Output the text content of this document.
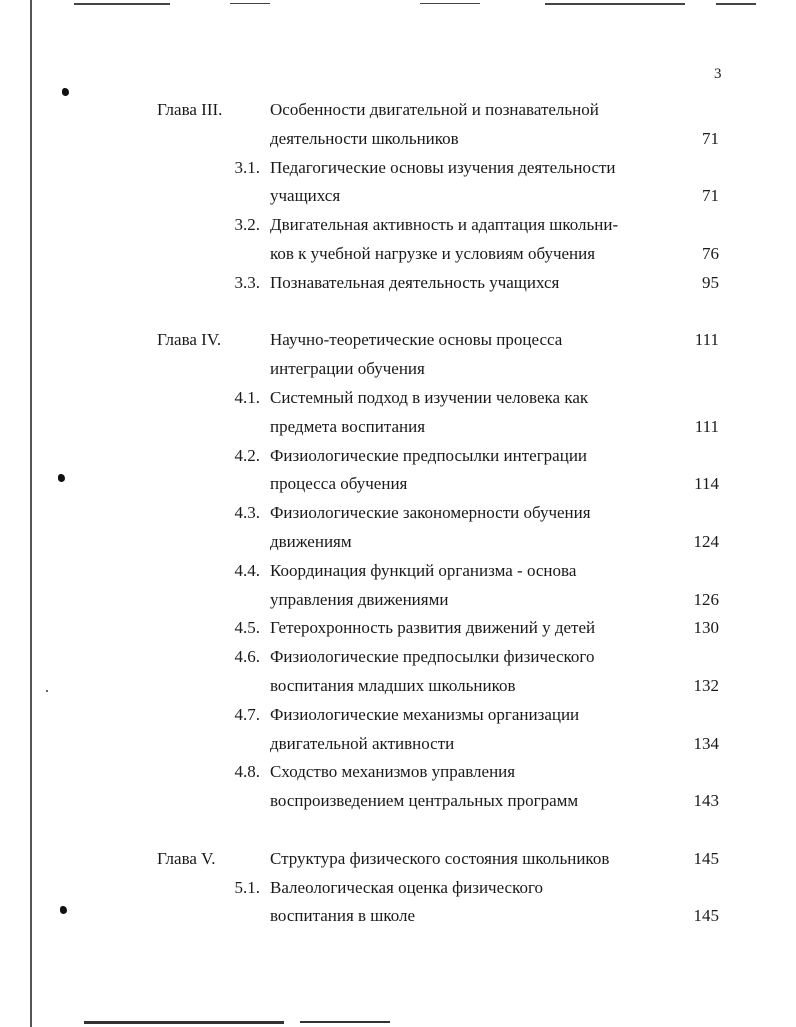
3
Глава III.	Особенности двигательной и познавательной
деятельности школьников	71
3.1. Педагогические основы изучения деятельности
учащихся	71
3.2. Двигательная активность и адаптация школьни-
ков к учебной нагрузке и условиям обучения	76
3.3. Познавательная деятельность учащихся	95
Глава IV.	Научно-теоретические основы процесса	111
интеграции обучения
4.1. Системный подход в изучении человека как
предмета воспитания	111
4.2. Физиологические предпосылки интеграции
процесса обучения	114
4.3. Физиологические закономерности обучения
движениям	124
4.4. Координация функций организма - основа
управления движениями	126
4.5. Гетерохронность развития движений у детей	130
4.6. Физиологические предпосылки физического
воспитания младших школьников	132
4.7. Физиологические механизмы организации
двигательной активности	134
4.8. Сходство механизмов управления
воспроизведением центральных программ	143
Глава V.	Структура физического состояния школьников	145
5.1. Валеологическая оценка физического
воспитания в школе	145
